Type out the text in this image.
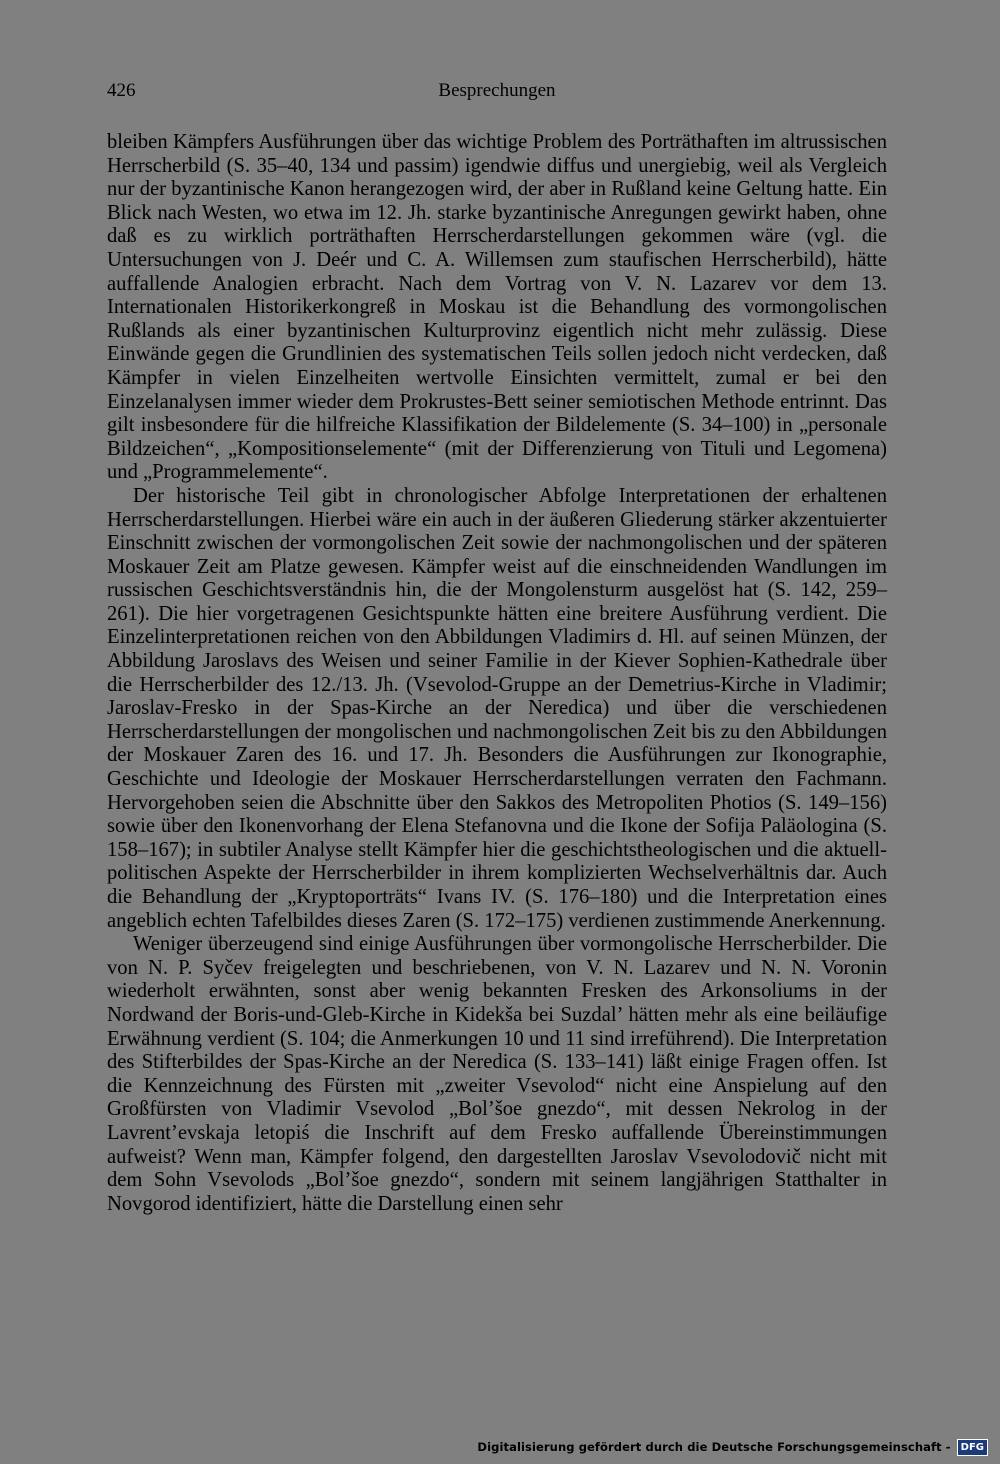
426	Besprechungen

bleiben Kämpfers Ausführungen über das wichtige Problem des Porträthaften im altrussischen Herrscherbild (S. 35–40, 134 und passim) igendwie diffus und unergiebig, weil als Vergleich nur der byzantinische Kanon herangezogen wird, der aber in Rußland keine Geltung hatte. Ein Blick nach Westen, wo etwa im 12. Jh. starke byzantinische Anregungen gewirkt haben, ohne daß es zu wirklich porträthaften Herrscherdarstellungen gekommen wäre (vgl. die Untersuchungen von J. Deér und C. A. Willemsen zum staufischen Herrscherbild), hätte auffallende Analogien erbracht. Nach dem Vortrag von V. N. Lazarev vor dem 13. Internationalen Historikerkongreß in Moskau ist die Behandlung des vormongolischen Rußlands als einer byzantinischen Kulturprovinz eigentlich nicht mehr zulässig. Diese Einwände gegen die Grundlinien des systematischen Teils sollen jedoch nicht verdecken, daß Kämpfer in vielen Einzelheiten wertvolle Einsichten vermittelt, zumal er bei den Einzelanalysen immer wieder dem Prokrustes-Bett seiner semiotischen Methode entrinnt. Das gilt insbesondere für die hilfreiche Klassifikation der Bildelemente (S. 34–100) in „personale Bildzeichen“, „Kompositionselemente“ (mit der Differenzierung von Tituli und Legomena) und „Programmelemente“.

Der historische Teil gibt in chronologischer Abfolge Interpretationen der erhaltenen Herrscherdarstellungen. Hierbei wäre ein auch in der äußeren Gliederung stärker akzentuierter Einschnitt zwischen der vormongolischen Zeit sowie der nachmongolischen und der späteren Moskauer Zeit am Platze gewesen. Kämpfer weist auf die einschneidenden Wandlungen im russischen Geschichtsverständnis hin, die der Mongolensturm ausgelöst hat (S. 142, 259–261). Die hier vorgetragenen Gesichtspunkte hätten eine breitere Ausführung verdient. Die Einzelinterpretationen reichen von den Abbildungen Vladimirs d. Hl. auf seinen Münzen, der Abbildung Jaroslavs des Weisen und seiner Familie in der Kiever Sophien-Kathedrale über die Herrscherbilder des 12./13. Jh. (Vsevolod-Gruppe an der Demetrius-Kirche in Vladimir; Jaroslav-Fresko in der Spas-Kirche an der Neredica) und über die verschiedenen Herrscherdarstellungen der mongolischen und nachmongolischen Zeit bis zu den Abbildungen der Moskauer Zaren des 16. und 17. Jh. Besonders die Ausführungen zur Ikonographie, Geschichte und Ideologie der Moskauer Herrscherdarstellungen verraten den Fachmann. Hervorgehoben seien die Abschnitte über den Sakkos des Metropoliten Photios (S. 149–156) sowie über den Ikonenvorhang der Elena Stefanovna und die Ikone der Sofija Paläologina (S. 158–167); in subtiler Analyse stellt Kämpfer hier die geschichtstheologischen und die aktuell-politischen Aspekte der Herrscherbilder in ihrem komplizierten Wechselverhältnis dar. Auch die Behandlung der „Kryptoporträts“ Ivans IV. (S. 176–180) und die Interpretation eines angeblich echten Tafelbildes dieses Zaren (S. 172–175) verdienen zustimmende Anerkennung.

Weniger überzeugend sind einige Ausführungen über vormongolische Herrscherbilder. Die von N. P. Syčev freigelegten und beschriebenen, von V. N. Lazarev und N. N. Voronin wiederholt erwähnten, sonst aber wenig bekannten Fresken des Arkonsoliums in der Nordwand der Boris-und-Gleb-Kirche in Kidekša bei Suzdal’ hätten mehr als eine beiläufige Erwähnung verdient (S. 104; die Anmerkungen 10 und 11 sind irreführend). Die Interpretation des Stifterbildes der Spas-Kirche an der Neredica (S. 133–141) läßt einige Fragen offen. Ist die Kennzeichnung des Fürsten mit „zweiter Vsevolod“ nicht eine Anspielung auf den Großfürsten von Vladimir Vsevolod „Bol’šoe gnezdo“, mit dessen Nekrolog in der Lavrent’evskaja letopiś die Inschrift auf dem Fresko auffallende Übereinstimmungen aufweist? Wenn man, Kämpfer folgend, den dargestellten Jaroslav Vsevolodovič nicht mit dem Sohn Vsevolods „Bol’šoe gnezdo“, sondern mit seinem langjährigen Statthalter in Novgorod identifiziert, hätte die Darstellung einen sehr

Digitalisierung gefördert durch die Deutsche Forschungsgemeinschaft -	DFG
